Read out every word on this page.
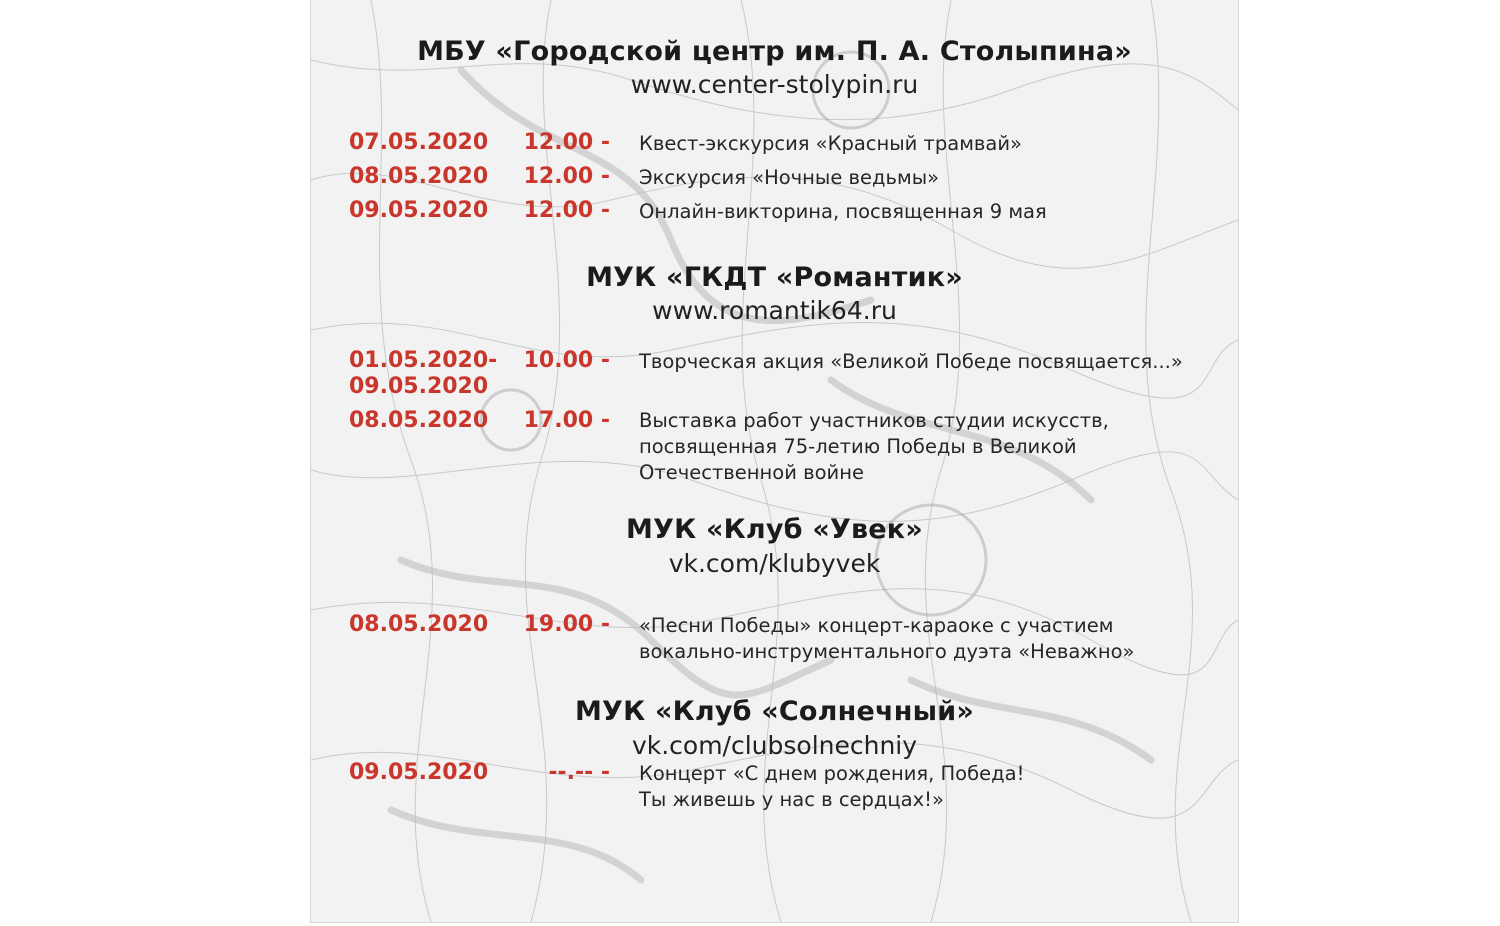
МБУ «Городской центр им. П. А. Столыпина»
www.center-stolypin.ru
07.05.2020 12.00 - Квест-экскурсия «Красный трамвай»
08.05.2020 12.00 - Экскурсия «Ночные ведьмы»
09.05.2020 12.00 - Онлайн-викторина, посвященная 9 мая
МУК «ГКДТ «Романтик»
www.romantik64.ru
01.05.2020-
09.05.2020
10.00 - Творческая акция «Великой Победе посвящается...»
08.05.2020 17.00 - Выставка работ участников студии искусств,
посвященная 75-летию Победы в Великой
Отечественной войне
МУК «Клуб «Увек»
vk.com/klubyvek
08.05.2020 19.00 - «Песни Победы» концерт-караоке с участием
вокально-инструментального дуэта «Неважно»
МУК «Клуб «Солнечный»
vk.com/clubsolnechniy
09.05.2020	--.-- - Концерт «С днем рождения, Победа!
Ты живешь у нас в сердцах!»
